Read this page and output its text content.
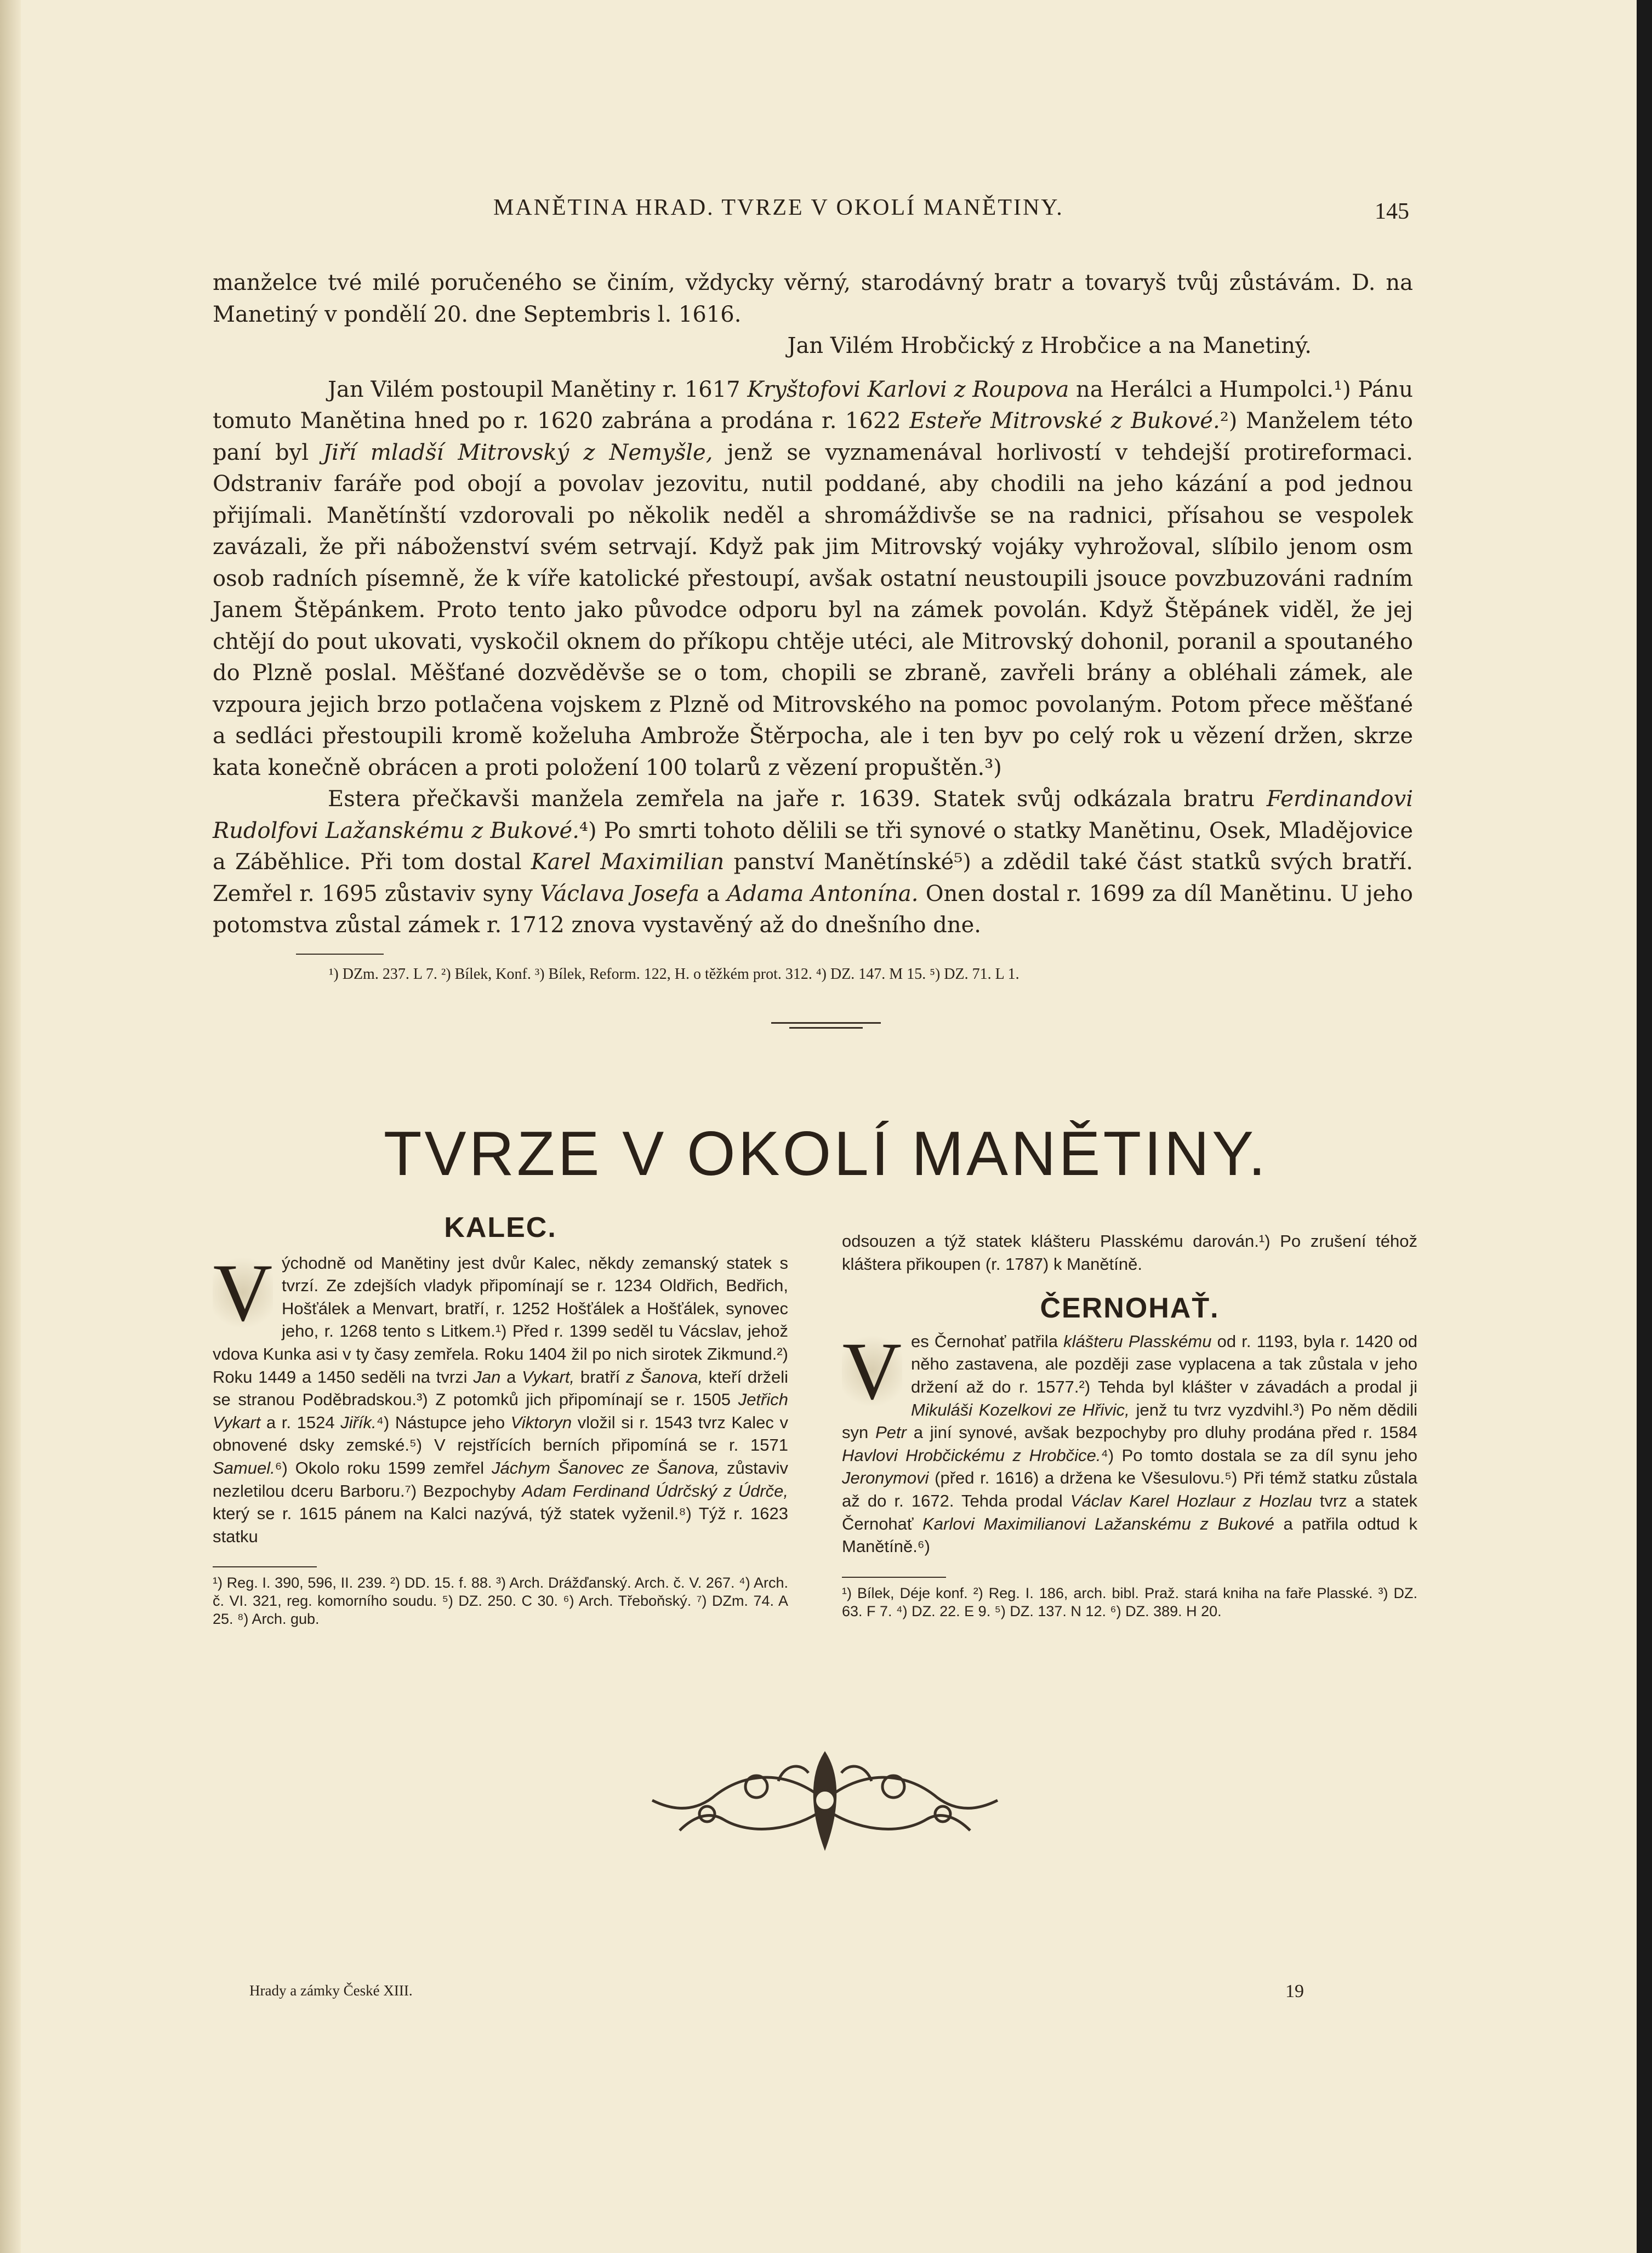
MANĚTINA HRAD. TVRZE V OKOLÍ MANĚTINY.	145

manželce tvé milé poručeného se činím, vždycky věrný, starodávný bratr a tovaryš tvůj zůstávám. D. na Manetiný v pondělí 20. dne Septembris l. 1616.

Jan Vilém Hrobčický z Hrobčice a na Manetiný.

Jan Vilém postoupil Manětiny r. 1617 Kryštofovi Karlovi z Roupova na Herálci a Humpolci.¹) Pánu tomuto Manětina hned po r. 1620 zabrána a prodána r. 1622 Esteře Mitrovské z Bukové.²) Manželem této paní byl Jiří mladší Mitrovský z Nemyšle, jenž se vyznamenával horlivostí v tehdejší protireformaci. Odstraniv faráře pod obojí a povolav jezovitu, nutil poddané, aby chodili na jeho kázání a pod jednou přijímali. Manětínští vzdorovali po několik neděl a shromáždivše se na radnici, přísahou se vespolek zavázali, že při náboženství svém setrvají. Když pak jim Mitrovský vojáky vyhrožoval, slíbilo jenom osm osob radních písemně, že k víře katolické přestoupí, avšak ostatní neustoupili jsouce povzbuzováni radním Janem Štěpánkem. Proto tento jako původce odporu byl na zámek povolán. Když Štěpánek viděl, že jej chtějí do pout ukovati, vyskočil oknem do příkopu chtěje utéci, ale Mitrovský dohonil, poranil a spoutaného do Plzně poslal. Měšťané dozvěděvše se o tom, chopili se zbraně, zavřeli brány a obléhali zámek, ale vzpoura jejich brzo potlačena vojskem z Plzně od Mitrovského na pomoc povolaným. Potom přece měšťané a sedláci přestoupili kromě koželuha Ambrože Štěrpocha, ale i ten byv po celý rok u vězení držen, skrze kata konečně obrácen a proti položení 100 tolarů z vězení propuštěn.³)

Estera přečkavši manžela zemřela na jaře r. 1639. Statek svůj odkázala bratru Ferdinandovi Rudolfovi Lažanskému z Bukové.⁴) Po smrti tohoto dělili se tři synové o statky Manětinu, Osek, Mladějovice a Záběhlice. Při tom dostal Karel Maximilian panství Manětínské⁵) a zdědil také část statků svých bratří. Zemřel r. 1695 zůstaviv syny Václava Josefa a Adama Antonína. Onen dostal r. 1699 za díl Manětinu. U jeho potomstva zůstal zámek r. 1712 znova vystavěný až do dnešního dne.

¹) DZm. 237. L 7. ²) Bílek, Konf. ³) Bílek, Reform. 122, H. o těžkém prot. 312. ⁴) DZ. 147. M 15. ⁵) DZ. 71. L 1.
TVRZE V OKOLÍ MANĚTINY.
KALEC.

V ýchodně od Manětiny jest dvůr Kalec, někdy zemanský statek s tvrzí. Ze zdejších vladyk připomínají se r. 1234 Oldřich, Bedřich, Hošťálek a Menvart, bratří, r. 1252 Hošťálek a Hošťálek, synovec jeho, r. 1268 tento s Litkem.¹) Před r. 1399 seděl tu Vácslav, jehož vdova Kunka asi v ty časy zemřela. Roku 1404 žil po nich sirotek Zikmund.²) Roku 1449 a 1450 seděli na tvrzi Jan a Vykart, bratří z Šanova, kteří drželi se stranou Poděbradskou.³) Z potomků jich připomínají se r. 1505 Jetřich Vykart a r. 1524 Jiřík.⁴) Nástupce jeho Viktoryn vložil si r. 1543 tvrz Kalec v obnovené dsky zemské.⁵) V rejstřících berních připomíná se r. 1571 Samuel.⁶) Okolo roku 1599 zemřel Jáchym Šanovec ze Šanova, zůstaviv nezletilou dceru Barboru.⁷) Bezpochyby Adam Ferdinand Údrčský z Údrče, který se r. 1615 pánem na Kalci nazývá, týž statek vyženil.⁸) Týž r. 1623 statku

¹) Reg. I. 390, 596, II. 239. ²) DD. 15. f. 88. ³) Arch. Drážďanský. Arch. č. V. 267. ⁴) Arch. č. VI. 321, reg. komorního soudu. ⁵) DZ. 250. C 30. ⁶) Arch. Třeboňský. ⁷) DZm. 74. A 25. ⁸) Arch. gub.

odsouzen a týž statek klášteru Plasskému darován.¹) Po zrušení téhož kláštera přikoupen (r. 1787) k Manětíně.

ČERNOHAŤ.

V es Černohať patřila klášteru Plasskému od r. 1193, byla r. 1420 od něho zastavena, ale později zase vyplacena a tak zůstala v jeho držení až do r. 1577.²) Tehda byl klášter v závadách a prodal ji Mikuláši Kozelkovi ze Hřivic, jenž tu tvrz vyzdvihl.³) Po něm dědili syn Petr a jiní synové, avšak bezpochyby pro dluhy prodána před r. 1584 Havlovi Hrobčickému z Hrobčice.⁴) Po tomto dostala se za díl synu jeho Jeronymovi (před r. 1616) a držena ke Všesulovu.⁵) Při témž statku zůstala až do r. 1672. Tehda prodal Václav Karel Hozlaur z Hozlau tvrz a statek Černohať Karlovi Maximilianovi Lažanskému z Bukové a patřila odtud k Manětíně.⁶)

¹) Bílek, Déje konf. ²) Reg. I. 186, arch. bibl. Praž. stará kniha na faře Plasské. ³) DZ. 63. F 7. ⁴) DZ. 22. E 9. ⁵) DZ. 137. N 12. ⁶) DZ. 389. H 20.
Hrady a zámky České XIII.	19
